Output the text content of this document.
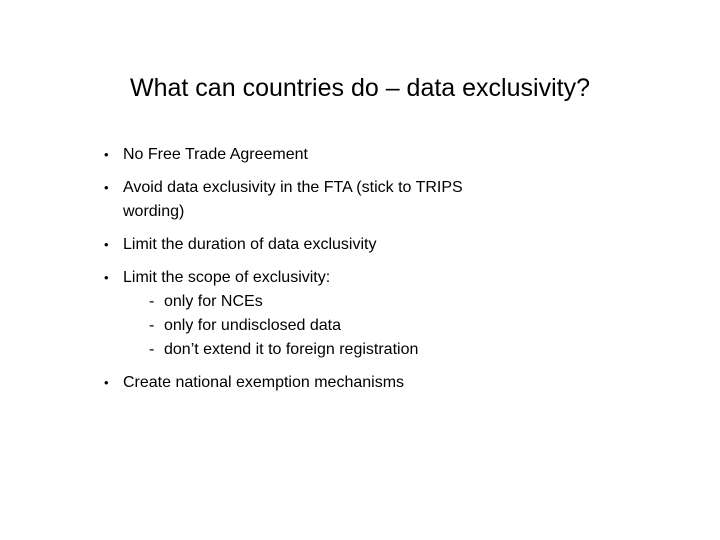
What can countries do – data exclusivity?
• No Free Trade Agreement
• Avoid data exclusivity in the FTA (stick to TRIPS wording)
• Limit the duration of data exclusivity
• Limit the scope of exclusivity:
- only for NCEs
- only for undisclosed data
- don’t extend it to foreign registration
• Create national exemption mechanisms
